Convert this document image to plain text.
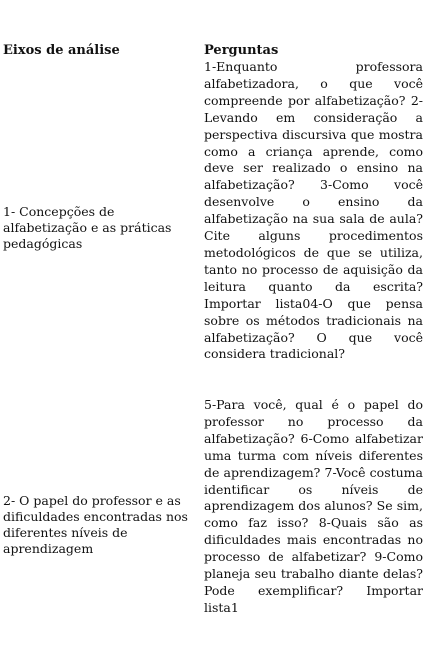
Eixos de análise	Perguntas
1- Concepções de alfabetização e as práticas pedagógicas
1-Enquanto professora alfabetizadora, o que você compreende por alfabetização? 2-Levando em consideração a perspectiva discursiva que mostra como a criança aprende, como deve ser realizado o ensino na alfabetização? 3-Como você desenvolve o ensino da alfabetização na sua sala de aula? Cite alguns procedimentos metodológicos de que se utiliza, tanto no processo de aquisição da leitura quanto da escrita? Importar lista04-O que pensa sobre os métodos tradicionais na alfabetização? O que você considera tradicional?
2- O papel do professor e as dificuldades encontradas nos diferentes níveis de aprendizagem
5-Para você, qual é o papel do professor no processo da alfabetização? 6-Como alfabetizar uma turma com níveis diferentes de aprendizagem? 7-Você costuma identificar os níveis de aprendizagem dos alunos? Se sim, como faz isso? 8-Quais são as dificuldades mais encontradas no processo de alfabetizar? 9-Como planeja seu trabalho diante delas? Pode exemplificar? Importar lista1
